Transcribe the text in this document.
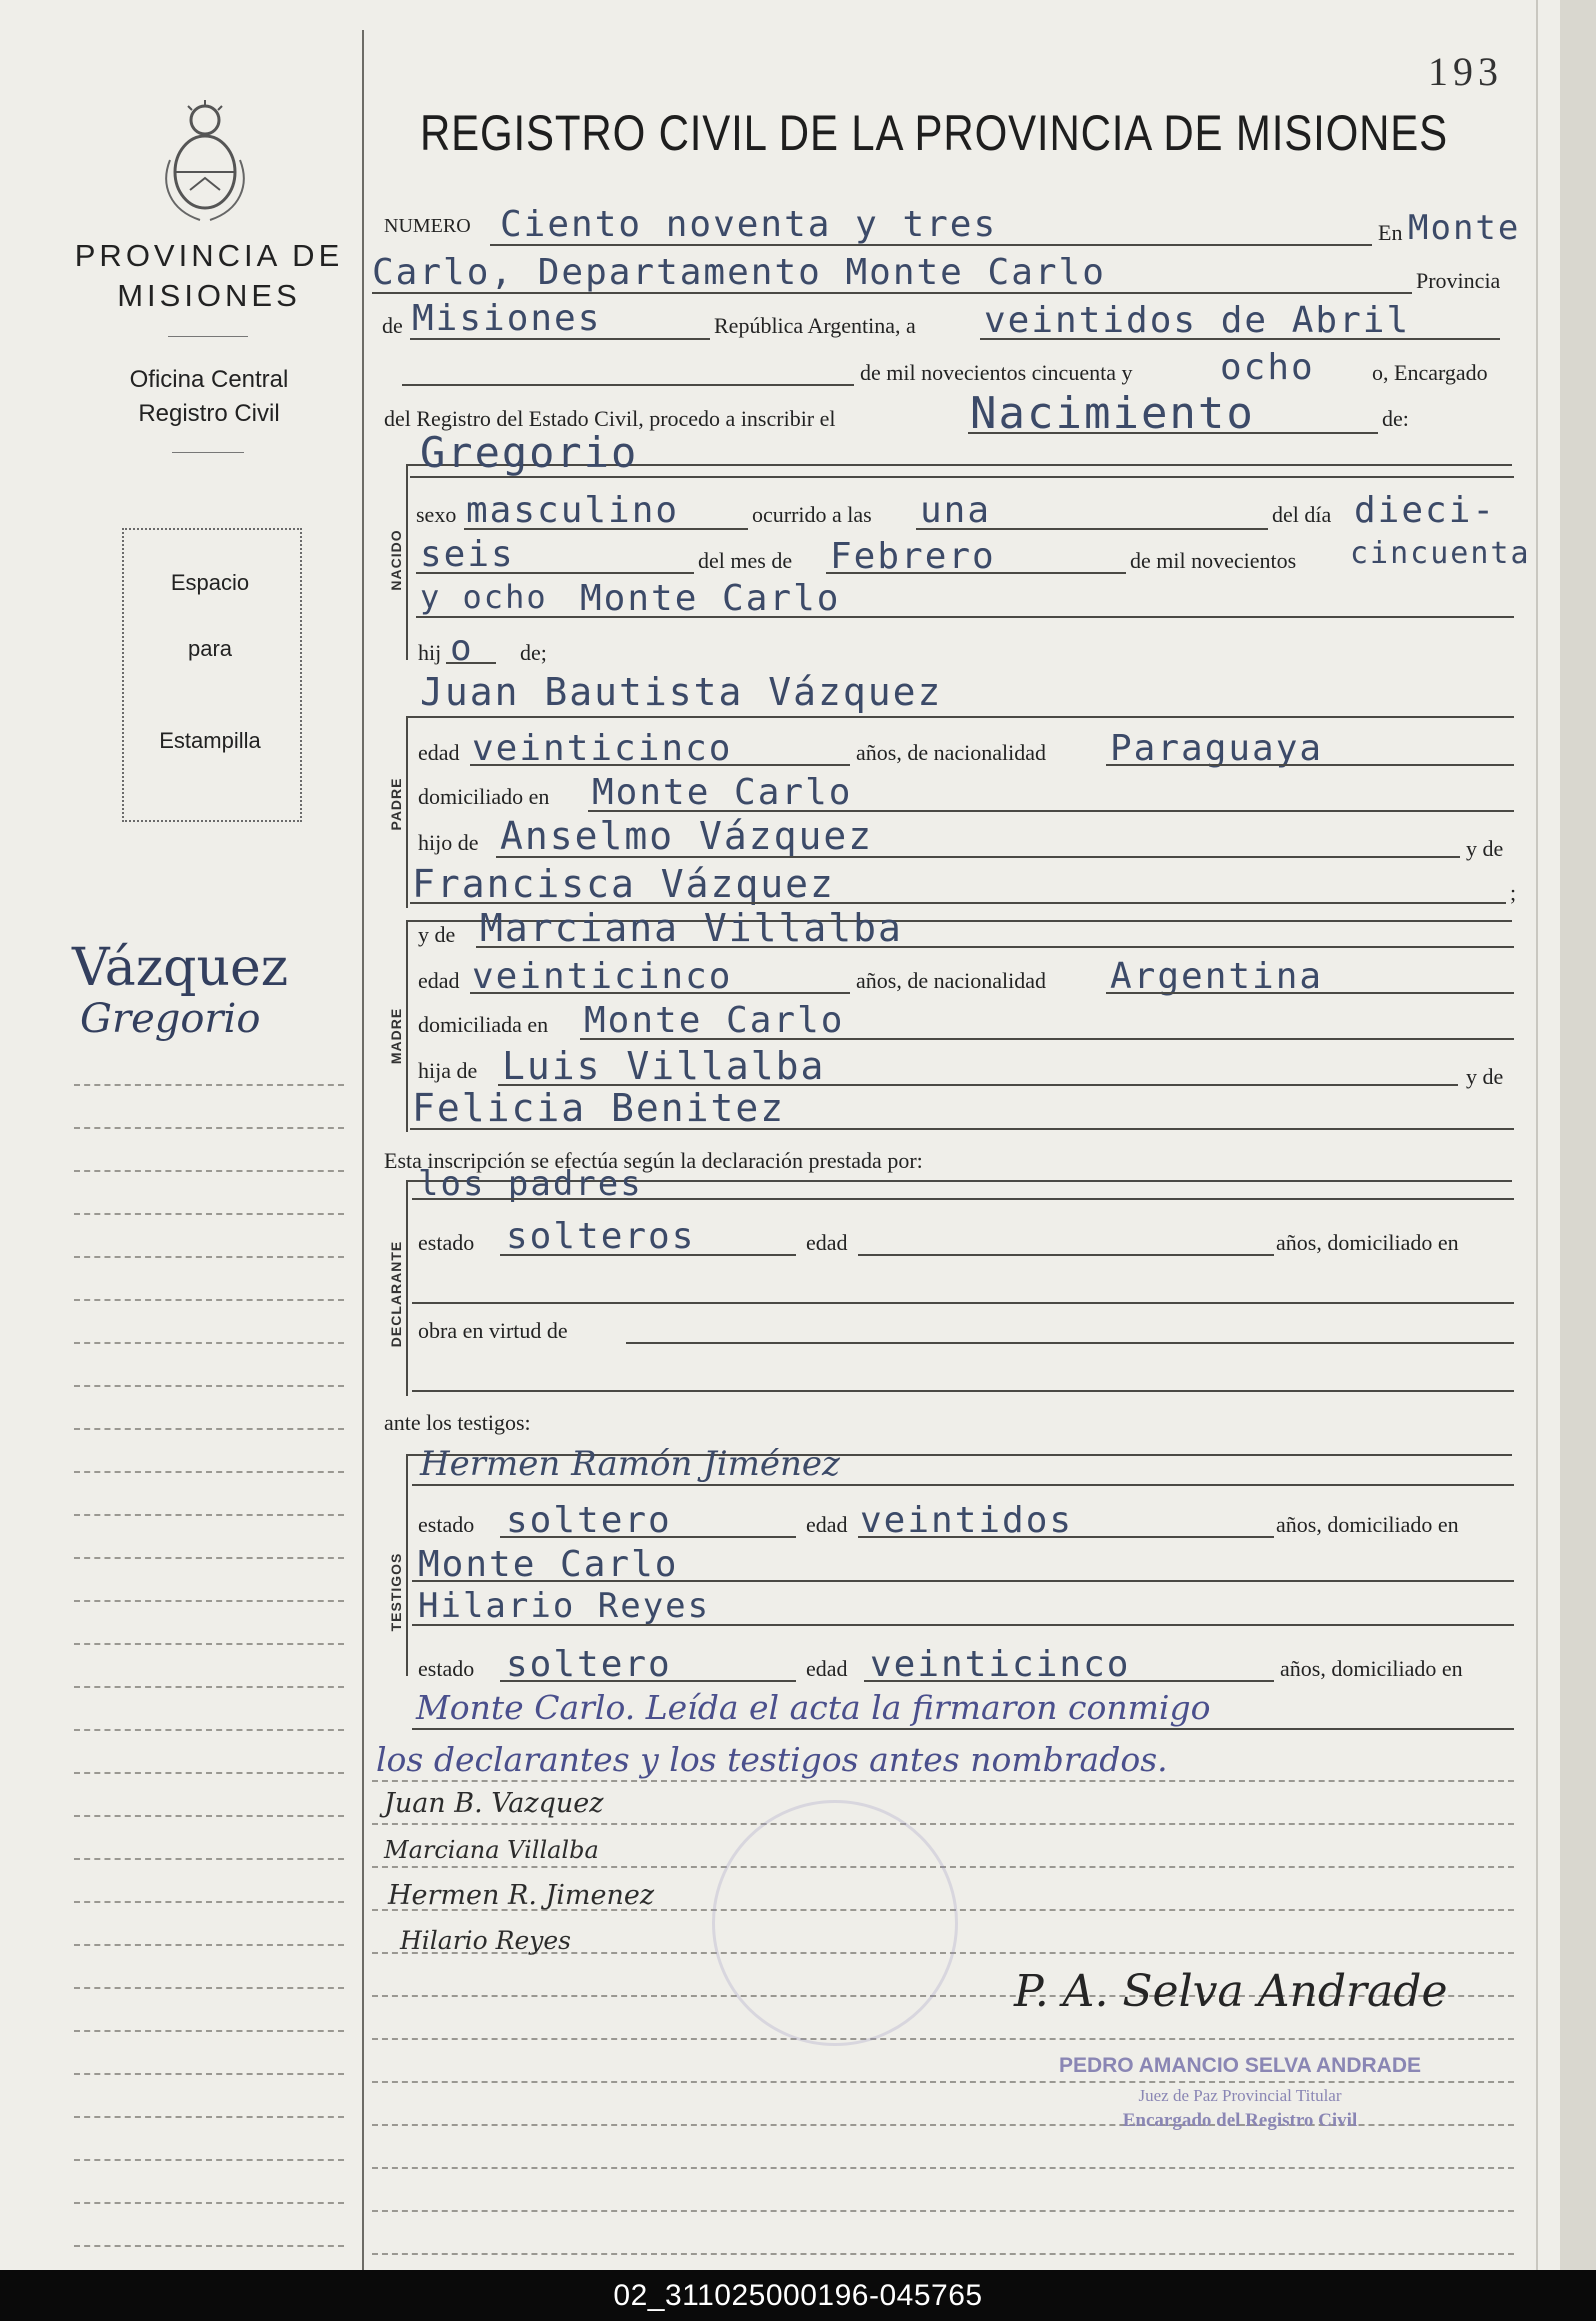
193
PROVINCIA DE
MISIONES
Oficina Central
Registro Civil
Espacio
para
Estampilla
Vázquez
Gregorio
REGISTRO CIVIL DE LA PROVINCIA DE MISIONES
NUMERO Ciento noventa y tres	En Monte
Carlo, Departamento Monte Carlo	Provincia
de Misiones	República Argentina, a veintidos de Abril
de mil novecientos cincuenta y ocho	o, Encargado
del Registro del Estado Civil, procedo a inscribir el	Nacimiento	de:
NACIDO
Gregorio
sexo masculino	ocurrido a las una	del día dieci-
seis	del mes de Febrero	de mil novecientos cincuenta
y ocho Monte Carlo
hij o de;
PADRE
Juan Bautista Vázquez
edad veinticinco	años, de nacionalidad Paraguaya
domiciliado en Monte Carlo
hijo de Anselmo Vázquez	y de
Francisca Vázquez	;
MADRE
y de Marciana Villalba
edad veinticinco	años, de nacionalidad Argentina
domiciliada en Monte Carlo
hija de Luis Villalba	y de
Felicia Benitez
Esta inscripción se efectúa según la declaración prestada por:
DECLARANTE
los padres
estado solteros	edad	años, domiciliado en
obra en virtud de
ante los testigos:
TESTIGOS
Hermen Ramón Jiménez
estado soltero	edad veintidos	años, domiciliado en
Monte Carlo
Hilario Reyes
estado soltero	edad veinticinco	años, domiciliado en
Monte Carlo. Leída el acta la firmaron conmigo
los declarantes y los testigos antes nombrados.
Juan B. Vazquez
Marciana Villalba
Hermen R. Jimenez
Hilario Reyes
P. A. Selva Andrade
PEDRO AMANCIO SELVA ANDRADE
Juez de Paz Provincial Titular
Encargado del Registro Civil
02_311025000196-045765
